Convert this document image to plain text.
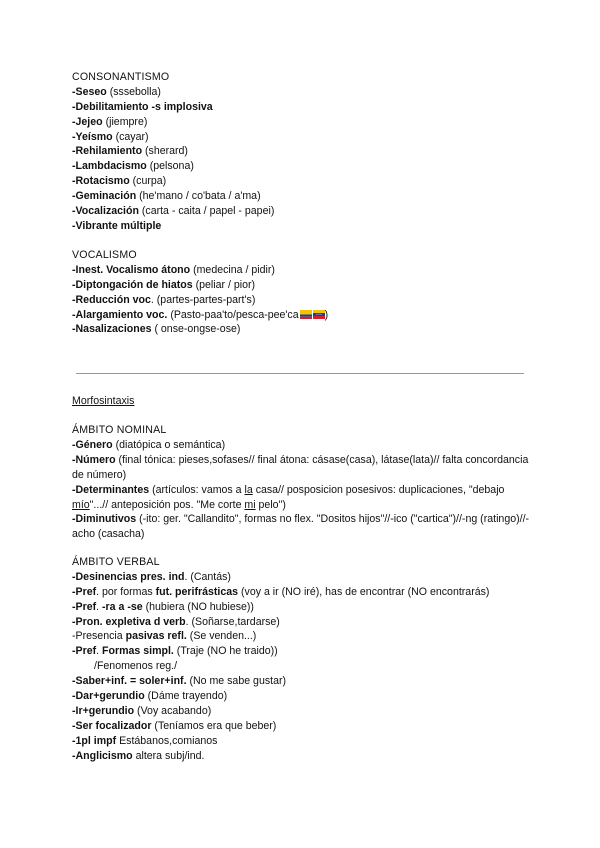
CONSONANTISMO
-Seseo (sssebolla)
-Debilitamiento -s implosiva
-Jejeo (jiempre)
-Yeísmo (cayar)
-Rehilamiento (sherard)
-Lambdacismo (pelsona)
-Rotacismo (curpa)
-Geminación (he'mano / co'bata / a'ma)
-Vocalización (carta - caita / papel - papei)
-Vibrante múltiple
VOCALISMO
-Inest. Vocalismo átono (medecina / pidir)
-Diptongación de hiatos (peliar / pior)
-Reducción voc. (partes-partes-part's)
-Alargamiento voc. (Pasto-paa'to/pesca-pee'ca )
-Nasalizaciones ( onse-ongse-ose)
Morfosintaxis
ÁMBITO NOMINAL
-Género (diatópica o semántica)
-Número (final tónica: pieses,sofases// final átona: cásase(casa), látase(lata)// falta concordancia de número)
-Determinantes (artículos: vamos a la casa// posposicion posesivos: duplicaciones, "debajo mío"...// anteposición pos. "Me corte mi pelo")
-Diminutivos (-ito: ger. "Callandito", formas no flex. "Dositos hijos"//-ico ("cartica")//-ng (ratingo)//-acho (casacha)
ÁMBITO VERBAL
-Desinencias pres. ind. (Cantás)
-Pref. por formas fut. perifrásticas (voy a ir (NO iré), has de encontrar (NO encontrarás)
-Pref. -ra a -se (hubiera (NO hubiese))
-Pron. expletiva d verb. (Soñarse,tardarse)
-Presencia pasivas refl. (Se venden...)
-Pref. Formas simpl. (Traje (NO he traido))
/Fenomenos reg./
-Saber+inf. = soler+inf. (No me sabe gustar)
-Dar+gerundio (Dáme trayendo)
-Ir+gerundio (Voy acabando)
-Ser focalizador (Teníamos era que beber)
-1pl impf Estábanos,comianos
-Anglicismo altera subj/ind.
